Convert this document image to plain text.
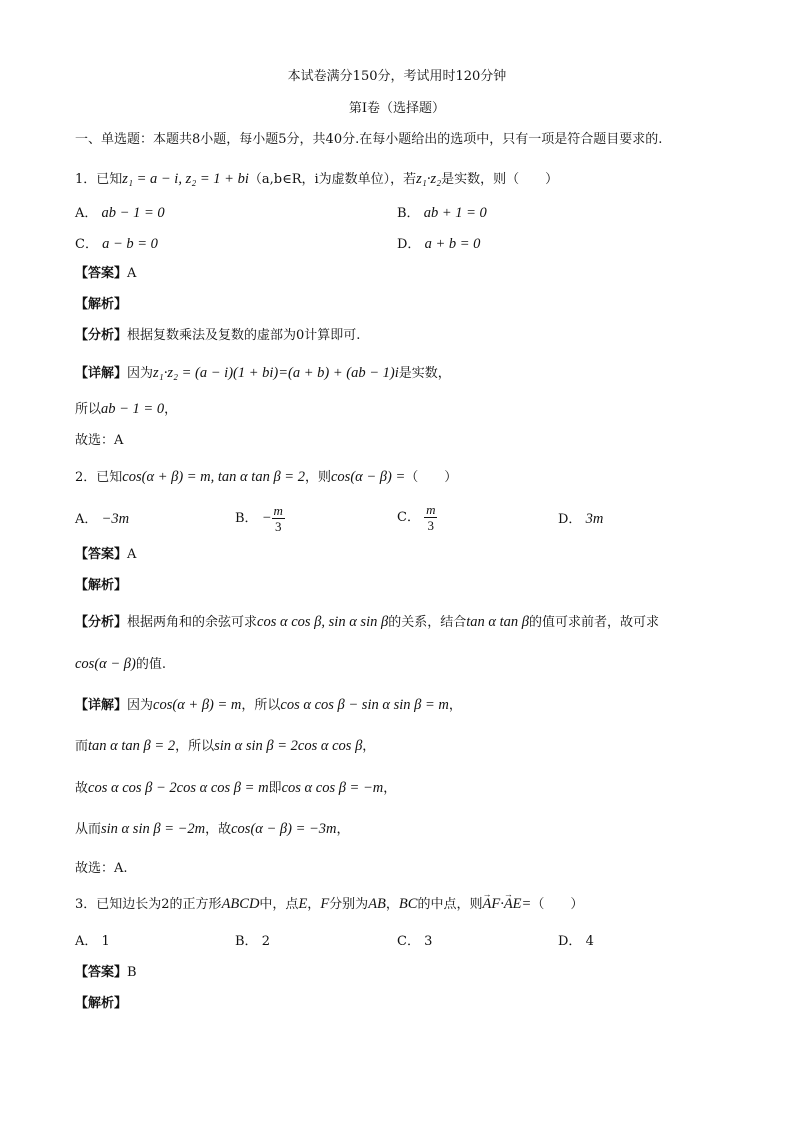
本试卷满分150分，考试用时120分钟
第Ⅰ卷（选择题）
一、单选题：本题共8小题，每小题5分，共40分.在每小题给出的选项中，只有一项是符合题目要求的.
1．已知z₁ = a − i, z₂ = 1 + bi（a,b∈R，i为虚数单位），若z₁·z₂是实数，则（　　）
A． ab − 1 = 0	B． ab + 1 = 0
C． a − b = 0	D． a + b = 0
【答案】A
【解析】
【分析】根据复数乘法及复数的虚部为0计算即可.
【详解】因为z₁·z₂ = (a − i)(1 + bi)=(a + b) + (ab − 1)i是实数，
所以ab − 1 = 0，
故选：A
2．已知cos(α + β) = m, tan α tan β = 2，则cos(α − β) =（　　）
A． −3m	B． − $\frac{m}{3}$	C． $\frac{m}{3}$	D． 3m
【答案】A
【解析】
【分析】根据两角和的余弦可求cos α cos β, sin α sin β的关系，结合tan α tan β的值可求前者，故可求
cos(α − β)的值.
【详解】因为cos(α + β) = m，所以cos α cos β − sin α sin β = m，
而tan α tan β = 2，所以sin α sin β = 2cos α cos β，
故cos α cos β − 2cos α cos β = m即cos α cos β = −m，
从而sin α sin β = −2m，故cos(α − β) = −3m，
故选：A.
3．已知边长为2的正方形ABCD中，点E，F分别为AB，BC的中点，则→ AF·→ AE=（　　）
A． 1	B． 2	C． 3	D． 4
【答案】B
【解析】
